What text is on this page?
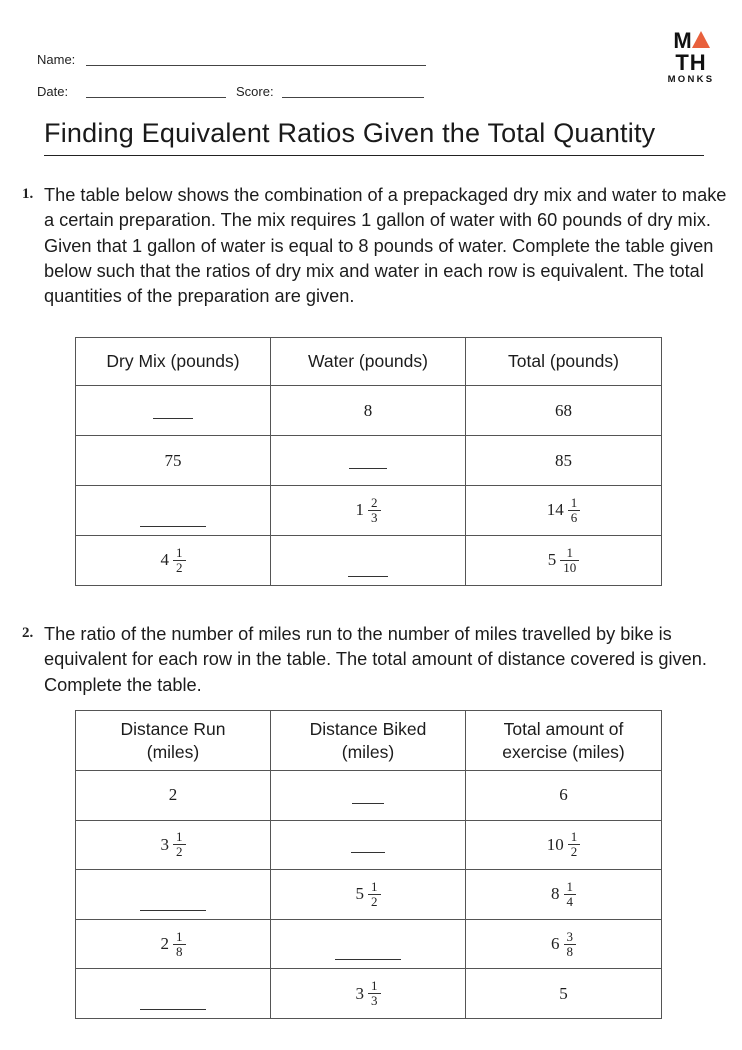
Name:
Date:	Score:
MTH
MONKS
Finding Equivalent Ratios Given the Total Quantity
1. The table below shows the combination of a prepackaged dry mix and water to make a certain preparation. The mix requires 1 gallon of water with 60 pounds of dry mix. Given that 1 gallon of water is equal to 8 pounds of water. Complete the table given below such that the ratios of dry mix and water in each row is equivalent. The total quantities of the preparation are given.
Dry Mix (pounds)	Water (pounds)	Total (pounds)
	8	68
75		85
	$1 \frac{2}{3}$	$14 \frac{1}{6}$

$4 \frac{1}{2}$		$5 \frac{1}{10}$
2. The ratio of the number of miles run to the number of miles travelled by bike is equivalent for each row in the table. The total amount of distance covered is given. Complete the table.
Distance Run (miles)	Distance Biked (miles)	Total amount of exercise (miles)
2		6
$3 \frac{1}{2}$		$10 \frac{1}{2}$

	$5 \frac{1}{2}$	$8 \frac{1}{4}$

$2 \frac{1}{8}$		$6 \frac{3}{8}$

	$3 \frac{1}{3}$	5
